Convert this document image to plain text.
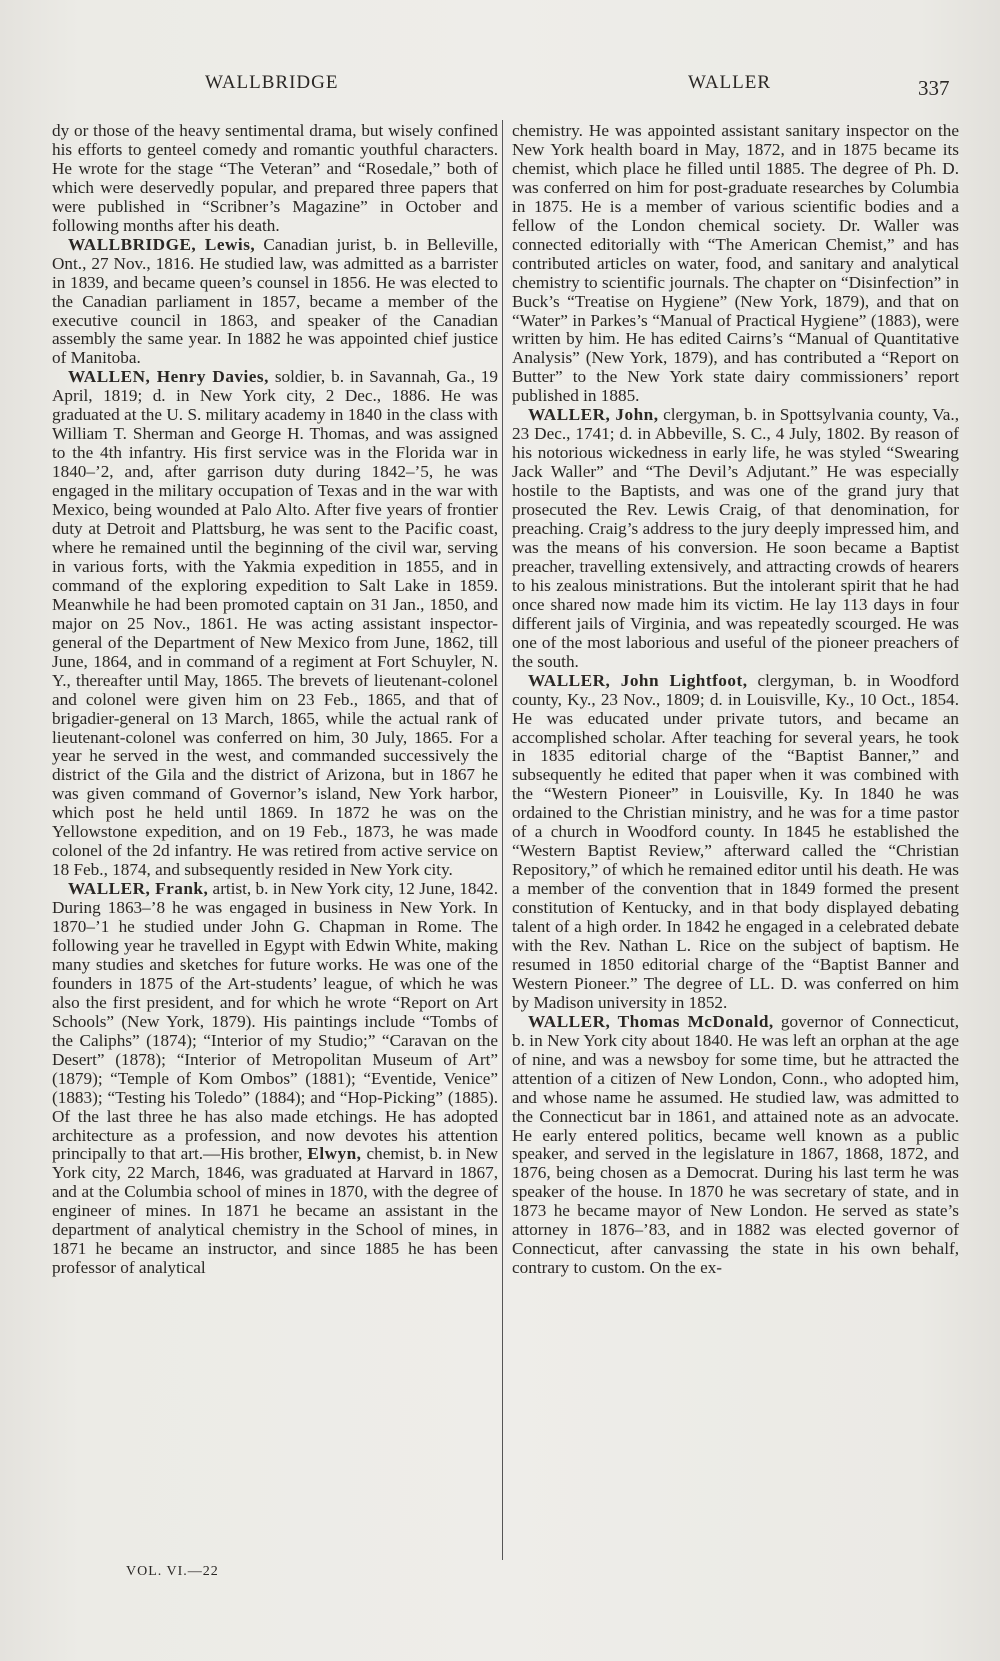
WALLBRIDGE	WALLER	337

dy or those of the heavy sentimental drama, but wisely confined his efforts to genteel comedy and romantic youthful characters. He wrote for the stage “The Veteran” and “Rosedale,” both of which were deservedly popular, and prepared three papers that were published in “Scribner’s Magazine” in October and following months after his death.

WALLBRIDGE, Lewis, Canadian jurist, b. in Belleville, Ont., 27 Nov., 1816. He studied law, was admitted as a barrister in 1839, and became queen’s counsel in 1856. He was elected to the Canadian parliament in 1857, became a member of the executive council in 1863, and speaker of the Canadian assembly the same year. In 1882 he was appointed chief justice of Manitoba.

WALLEN, Henry Davies, soldier, b. in Savannah, Ga., 19 April, 1819; d. in New York city, 2 Dec., 1886. He was graduated at the U. S. military academy in 1840 in the class with William T. Sherman and George H. Thomas, and was assigned to the 4th infantry. His first service was in the Florida war in 1840–’2, and, after garrison duty during 1842–’5, he was engaged in the military occupation of Texas and in the war with Mexico, being wounded at Palo Alto. After five years of frontier duty at Detroit and Plattsburg, he was sent to the Pacific coast, where he remained until the beginning of the civil war, serving in various forts, with the Yakmia expedition in 1855, and in command of the exploring expedition to Salt Lake in 1859. Meanwhile he had been promoted captain on 31 Jan., 1850, and major on 25 Nov., 1861. He was acting assistant inspector-general of the Department of New Mexico from June, 1862, till June, 1864, and in command of a regiment at Fort Schuyler, N. Y., thereafter until May, 1865. The brevets of lieutenant-colonel and colonel were given him on 23 Feb., 1865, and that of brigadier-general on 13 March, 1865, while the actual rank of lieutenant-colonel was conferred on him, 30 July, 1865. For a year he served in the west, and commanded successively the district of the Gila and the district of Arizona, but in 1867 he was given command of Governor’s island, New York harbor, which post he held until 1869. In 1872 he was on the Yellowstone expedition, and on 19 Feb., 1873, he was made colonel of the 2d infantry. He was retired from active service on 18 Feb., 1874, and subsequently resided in New York city.

WALLER, Frank, artist, b. in New York city, 12 June, 1842. During 1863–’8 he was engaged in business in New York. In 1870–’1 he studied under John G. Chapman in Rome. The following year he travelled in Egypt with Edwin White, making many studies and sketches for future works. He was one of the founders in 1875 of the Art-students’ league, of which he was also the first president, and for which he wrote “Report on Art Schools” (New York, 1879). His paintings include “Tombs of the Caliphs” (1874); “Interior of my Studio;” “Caravan on the Desert” (1878); “Interior of Metropolitan Museum of Art” (1879); “Temple of Kom Ombos” (1881); “Eventide, Venice” (1883); “Testing his Toledo” (1884); and “Hop-Picking” (1885). Of the last three he has also made etchings. He has adopted architecture as a profession, and now devotes his attention principally to that art.—His brother, Elwyn, chemist, b. in New York city, 22 March, 1846, was graduated at Harvard in 1867, and at the Columbia school of mines in 1870, with the degree of engineer of mines. In 1871 he became an assistant in the department of analytical chemistry in the School of mines, in 1871 he became an instructor, and since 1885 he has been professor of analytical

chemistry. He was appointed assistant sanitary inspector on the New York health board in May, 1872, and in 1875 became its chemist, which place he filled until 1885. The degree of Ph. D. was conferred on him for post-graduate researches by Columbia in 1875. He is a member of various scientific bodies and a fellow of the London chemical society. Dr. Waller was connected editorially with “The American Chemist,” and has contributed articles on water, food, and sanitary and analytical chemistry to scientific journals. The chapter on “Disinfection” in Buck’s “Treatise on Hygiene” (New York, 1879), and that on “Water” in Parkes’s “Manual of Practical Hygiene” (1883), were written by him. He has edited Cairns’s “Manual of Quantitative Analysis” (New York, 1879), and has contributed a “Report on Butter” to the New York state dairy commissioners’ report published in 1885.

WALLER, John, clergyman, b. in Spottsylvania county, Va., 23 Dec., 1741; d. in Abbeville, S. C., 4 July, 1802. By reason of his notorious wickedness in early life, he was styled “Swearing Jack Waller” and “The Devil’s Adjutant.” He was especially hostile to the Baptists, and was one of the grand jury that prosecuted the Rev. Lewis Craig, of that denomination, for preaching. Craig’s address to the jury deeply impressed him, and was the means of his conversion. He soon became a Baptist preacher, travelling extensively, and attracting crowds of hearers to his zealous ministrations. But the intolerant spirit that he had once shared now made him its victim. He lay 113 days in four different jails of Virginia, and was repeatedly scourged. He was one of the most laborious and useful of the pioneer preachers of the south.

WALLER, John Lightfoot, clergyman, b. in Woodford county, Ky., 23 Nov., 1809; d. in Louisville, Ky., 10 Oct., 1854. He was educated under private tutors, and became an accomplished scholar. After teaching for several years, he took in 1835 editorial charge of the “Baptist Banner,” and subsequently he edited that paper when it was combined with the “Western Pioneer” in Louisville, Ky. In 1840 he was ordained to the Christian ministry, and he was for a time pastor of a church in Woodford county. In 1845 he established the “Western Baptist Review,” afterward called the “Christian Repository,” of which he remained editor until his death. He was a member of the convention that in 1849 formed the present constitution of Kentucky, and in that body displayed debating talent of a high order. In 1842 he engaged in a celebrated debate with the Rev. Nathan L. Rice on the subject of baptism. He resumed in 1850 editorial charge of the “Baptist Banner and Western Pioneer.” The degree of LL. D. was conferred on him by Madison university in 1852.

WALLER, Thomas McDonald, governor of Connecticut, b. in New York city about 1840. He was left an orphan at the age of nine, and was a newsboy for some time, but he attracted the attention of a citizen of New London, Conn., who adopted him, and whose name he assumed. He studied law, was admitted to the Connecticut bar in 1861, and attained note as an advocate. He early entered politics, became well known as a public speaker, and served in the legislature in 1867, 1868, 1872, and 1876, being chosen as a Democrat. During his last term he was speaker of the house. In 1870 he was secretary of state, and in 1873 he became mayor of New London. He served as state’s attorney in 1876–’83, and in 1882 was elected governor of Connecticut, after canvassing the state in his own behalf, contrary to custom. On the ex-

VOL. VI.—22
